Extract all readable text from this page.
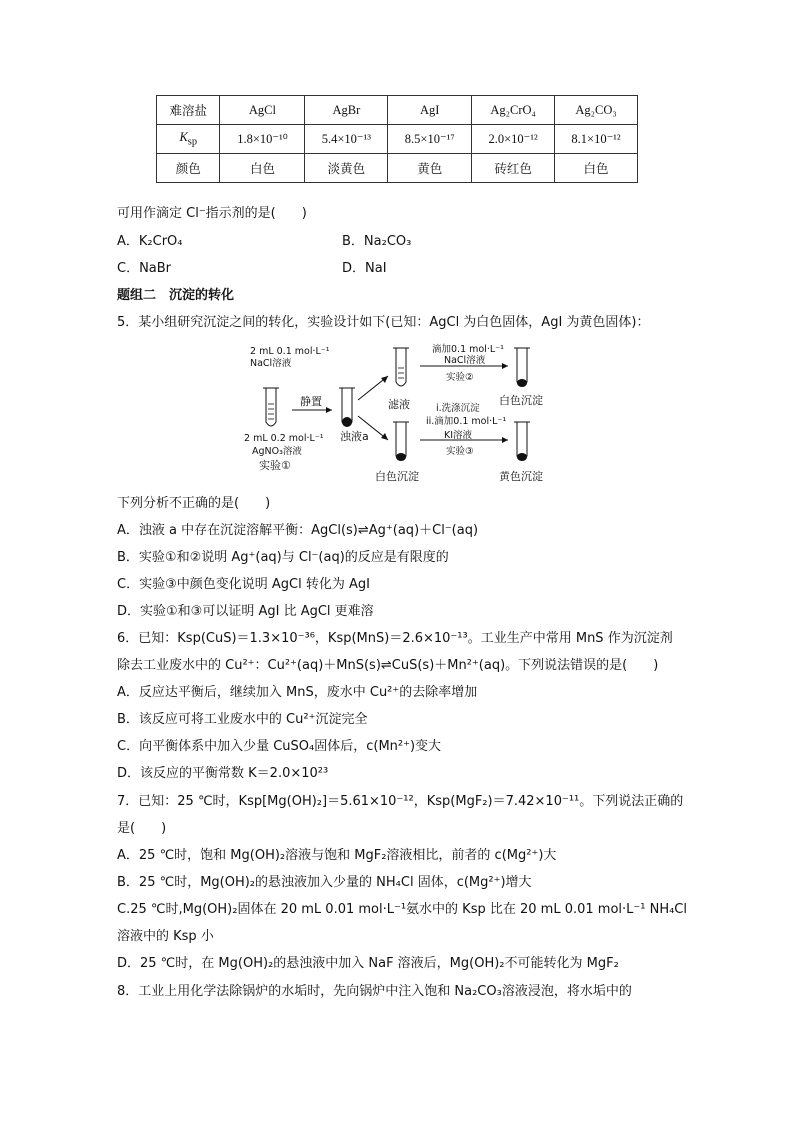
难溶盐	AgCl	AgBr	AgI	Ag₂CrO₄	Ag₂CO₃
$K_{sp}$	1.8×10⁻¹⁰	5.4×10⁻¹³	8.5×10⁻¹⁷	2.0×10⁻¹²	8.1×10⁻¹²
颜色	白色	淡黄色	黄色	砖红色	白色
可用作滴定 Cl⁻指示剂的是(　　)
A．K₂CrO₄	B．Na₂CO₃
C．NaBr	D．NaI
题组二　沉淀的转化
5．某小组研究沉淀之间的转化，实验设计如下(已知：AgCl 为白色固体，AgI 为黄色固体)：
2 mL 0.1 mol·L⁻¹
NaCl溶液
静置
2 mL 0.2 mol·L⁻¹
AgNO₃溶液
实验①
浊液a
滤液
滴加0.1 mol·L⁻¹
NaCl溶液
实验②
白色沉淀
i.洗涤沉淀
ii.滴加0.1 mol·L⁻¹
KI溶液
实验③
白色沉淀	黄色沉淀
下列分析不正确的是(　　)
A．浊液 a 中存在沉淀溶解平衡：AgCl(s)⇌Ag⁺(aq)＋Cl⁻(aq)
B．实验①和②说明 Ag⁺(aq)与 Cl⁻(aq)的反应是有限度的
C．实验③中颜色变化说明 AgCl 转化为 AgI
D．实验①和③可以证明 AgI 比 AgCl 更难溶
6．已知：Ksp(CuS)＝1.3×10⁻³⁶，Ksp(MnS)＝2.6×10⁻¹³。工业生产中常用 MnS 作为沉淀剂
除去工业废水中的 Cu²⁺：Cu²⁺(aq)＋MnS(s)⇌CuS(s)＋Mn²⁺(aq)。下列说法错误的是(　　)
A．反应达平衡后，继续加入 MnS，废水中 Cu²⁺的去除率增加
B．该反应可将工业废水中的 Cu²⁺沉淀完全
C．向平衡体系中加入少量 CuSO₄固体后，c(Mn²⁺)变大
D．该反应的平衡常数 K＝2.0×10²³
7．已知：25 ℃时，Ksp[Mg(OH)₂]＝5.61×10⁻¹²，Ksp(MgF₂)＝7.42×10⁻¹¹。下列说法正确的
是(　　)
A．25 ℃时，饱和 Mg(OH)₂溶液与饱和 MgF₂溶液相比，前者的 c(Mg²⁺)大
B．25 ℃时，Mg(OH)₂的悬浊液加入少量的 NH₄Cl 固体，c(Mg²⁺)增大
C.25 ℃时,Mg(OH)₂固体在 20 mL 0.01 mol·L⁻¹氨水中的 Ksp 比在 20 mL 0.01 mol·L⁻¹ NH₄Cl
溶液中的 Ksp 小
D．25 ℃时，在 Mg(OH)₂的悬浊液中加入 NaF 溶液后，Mg(OH)₂不可能转化为 MgF₂
8．工业上用化学法除锅炉的水垢时，先向锅炉中注入饱和 Na₂CO₃溶液浸泡，将水垢中的
